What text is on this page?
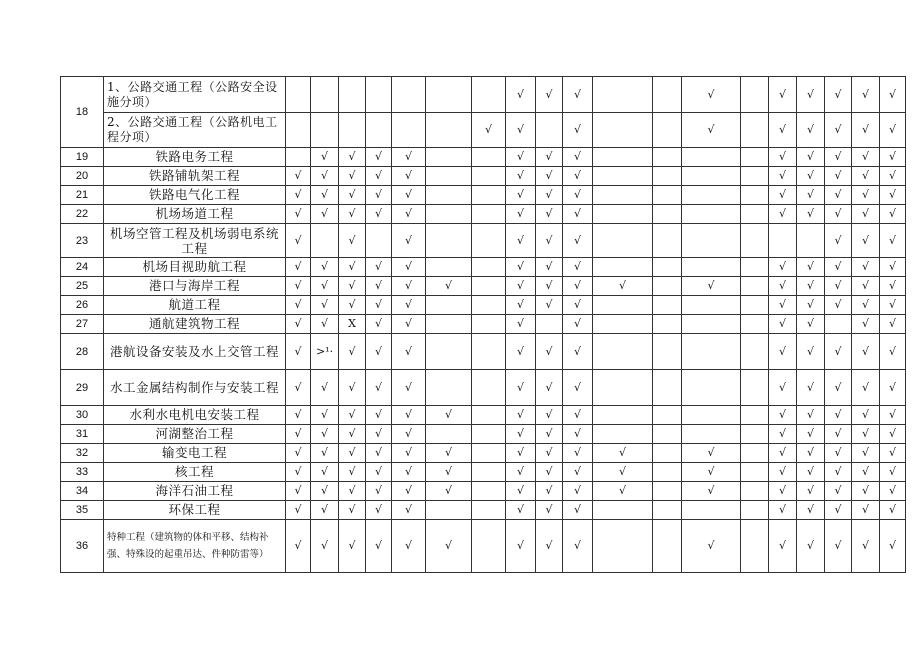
18	1、公路交通工程（公路安全设施分项）								√	√	√			√		√	√	√	√	√	
	2、公路交通工程（公路机电工程分项）							√	√		√			√		√	√	√	√	√	
19	铁路电务工程		√	√	√	√			√	√	√					√	√	√	√	√	
20	铁路铺轨架工程	√	√	√	√	√			√	√	√					√	√	√	√	√	
21	铁路电气化工程	√	√	√	√	√			√	√	√					√	√	√	√	√	
22	机场场道工程	√	√	√	√	√			√	√	√					√	√	√	√	√	
23	机场空管工程及机场弱电系统工程	√		√		√			√	√	√							√	√	√	
24	机场目视助航工程	√	√	√	√	√			√	√	√					√	√	√	√	√	
25	港口与海岸工程	√	√	√	√	√	√		√	√	√	√		√		√	√	√	√	√	
26	航道工程	√	√	√	√	√			√	√	√					√	√	√	√	√	
27	通航建筑物工程	√	√	X	√	√			√		√					√	√		√	√	
28	港航设备安装及水上交管工程	√	>¹·	√	√	√			√	√	√					√	√	√	√	√	
29	水工金属结构制作与安装工程	√	√	√	√	√			√	√	√					√	√	√	√	√	
30	水利水电机电安装工程	√	√	√	√	√	√		√	√	√					√	√	√	√	√	
31	河湖整治工程	√	√	√	√	√			√	√	√					√	√	√	√	√	
32	输变电工程	√	√	√	√	√	√		√	√	√	√		√		√	√	√	√	√	
33	核工程	√	√	√	√	√	√		√	√	√	√		√		√	√	√	√	√	
34	海洋石油工程	√	√	√	√	√	√		√	√	√	√		√		√	√	√	√	√	
35	环保工程	√	√	√	√	√			√	√	√					√	√	√	√	√	
36	特种工程（建筑物的体和平移、结构补强、特殊设的起重吊达、件种防雷等）	√	√	√	√	√	√		√	√	√			√		√	√	√	√	√	
